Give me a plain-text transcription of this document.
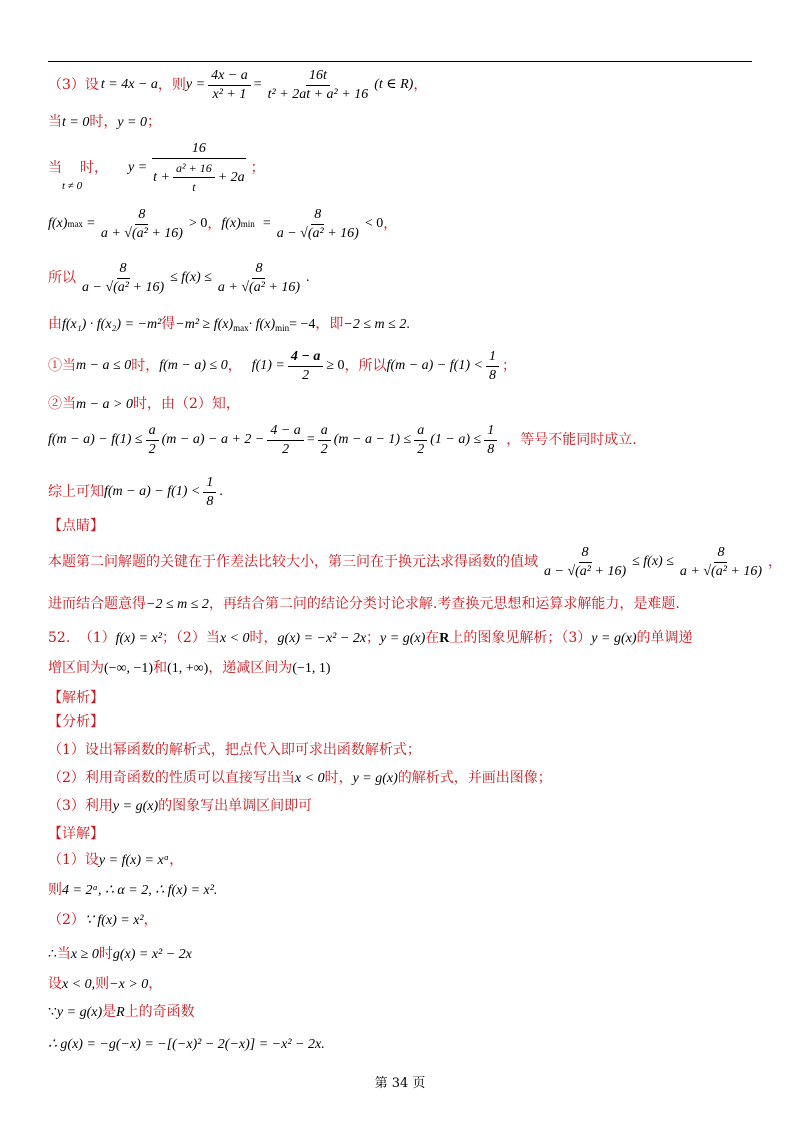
（3）设 t = 4x − a ，则 $y = \frac{4x - a}{\text{x² + 1}} = \frac{16t}{\text{t² + 2at + a² + 16}} (t$ ∈ R) ，
当t = 0时，y = 0；
当
t ≠ 0
时， $y = \frac{16}{t + \frac{\text{a² + 16}}{t} + 2a}$ ；
f(x) $\max = \frac{8}{\text{a + √(a² + 16)}} > 0$ ， f(x) $\min = \frac{8}{\text{a − √(a² + 16)}} < 0$ ，
所以 $\frac{8}{\text{a − √(a² + 16)}} \le f(x) \le \frac{8}{\text{a + √(a² + 16)}}$ .
由f(x₁) · f(x₂) = −m²得$-m^2 \ge f(x)_{max}\cdot f(x)_{min}= -4$，即−2 ≤ m ≤ 2.
①当 m − a ≤ 0 时， f(m − a) ≤ 0 ， $f(1) = \frac{4 - a}{2} \ge 0$ ，所以 $f(m - a) - f(1) < \frac{1}{8}$ ；
②当m − a > 0时，由（2）知，
$f(m - a) - f(1) \le \frac{a}{2} (m - a) - a + 2 - \frac{4 - a}{2} = \frac{a}{2} (m - a - 1) \le \frac{a}{2} (1 - a) \le \frac{1}{8}$ ，等号不能同时成立.
综上可知 $f(m - a) - f(1) < \frac{1}{8}$ .
【点睛】
本题第二问解题的关键在于作差法比较大小，第三问在于换元法求得函数的值域 $\frac{8}{\text{a − √(a² + 16)}} \le f(x) \le \frac{8}{\text{a + √(a² + 16)}}$ ，
进而结合题意得−2 ≤ m ≤ 2，再结合第二问的结论分类讨论求解.考查换元思想和运算求解能力，是难题.
52. （1）f(x) = x²；（2）当x < 0时，g(x) = −x² − 2x；y = g(x)在R上的图象见解析；（3）y = g(x)的单调递
增区间为(−∞, −1)和(1, +∞)，递减区间为(−1, 1)
【解析】
【分析】
（1）设出幂函数的解析式，把点代入即可求出函数解析式；
（2）利用奇函数的性质可以直接写出当x < 0时，y = g(x)的解析式，并画出图像；
（3）利用y = g(x)的图象写出单调区间即可
【详解】
（1）设y = f(x) = xᵅ，
则4 = 2ᵅ, ∴ α = 2, ∴ f(x) = x².
（2）∵ f(x) = x²，
∴当x ≥ 0时g(x) = x² − 2x
设x < 0,则−x > 0，
∵y = g(x)是R上的奇函数
∴ g(x) = −g(−x) = −[(−x)² − 2(−x)] = −x² − 2x.
第 34 页
